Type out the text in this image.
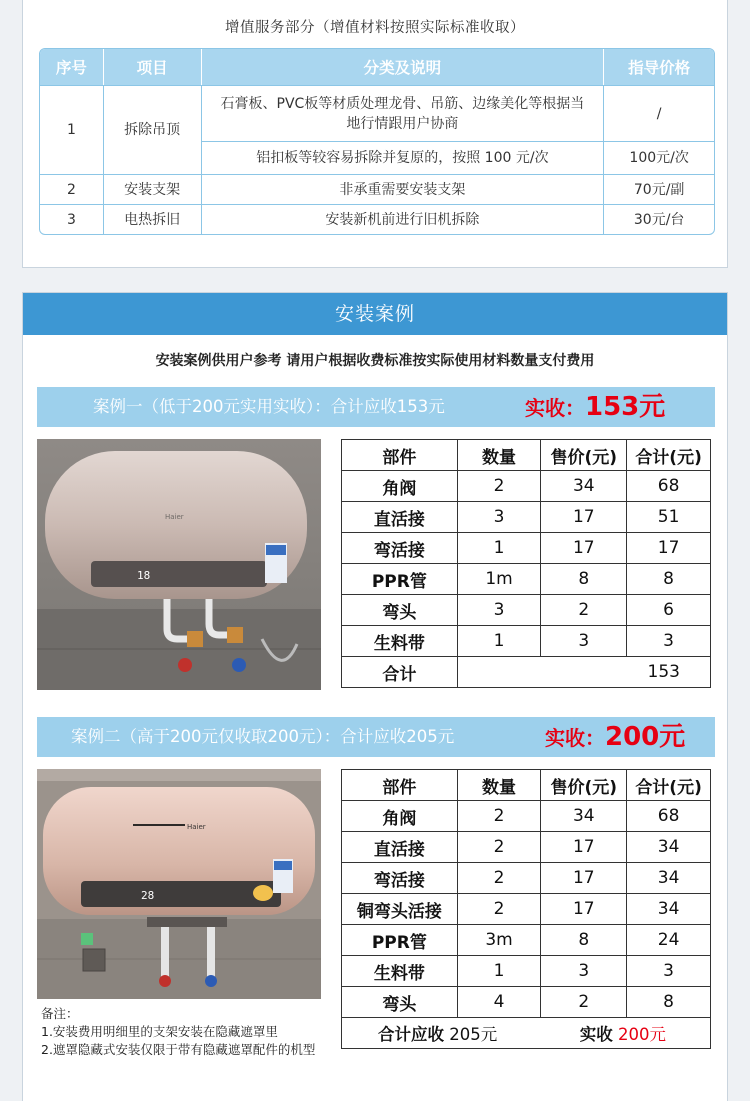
增值服务部分（增值材料按照实际标准收取）
序号	项目	分类及说明	指导价格
1	拆除吊顶	石膏板、PVC板等材质处理龙骨、吊筋、边缘美化等根据当地行情跟用户协商	/
		铝扣板等较容易拆除并复原的，按照 100 元/次	100元/次
2	安装支架	非承重需要安装支架	70元/副
3	电热拆旧	安装新机前进行旧机拆除	30元/台
安装案例
安装案例供用户参考 请用户根据收费标准按实际使用材料数量支付费用
案例一（低于200元实用实收）：合计应收153元	实收：153元
18
Haier
部件	数量	售价(元)	合计(元)
角阀	2	34	68
直活接	3	17	51
弯活接	1	17	17
PPR管	1m	8	8
弯头	3	2	6
生料带	1	3	3
合计	153		
案例二（高于200元仅收取200元）：合计应收205元	实收：200元
Haier
28
部件	数量	售价(元)	合计(元)
角阀	2	34	68
直活接	2	17	34
弯活接	2	17	34
铜弯头活接	2	17	34
PPR管	3m	8	24
生料带	1	3	3
弯头	4	2	8
合计应收 205元 实收 200元			
备注：
1.安装费用明细里的支架安装在隐藏遮罩里
2.遮罩隐藏式安装仅限于带有隐藏遮罩配件的机型
